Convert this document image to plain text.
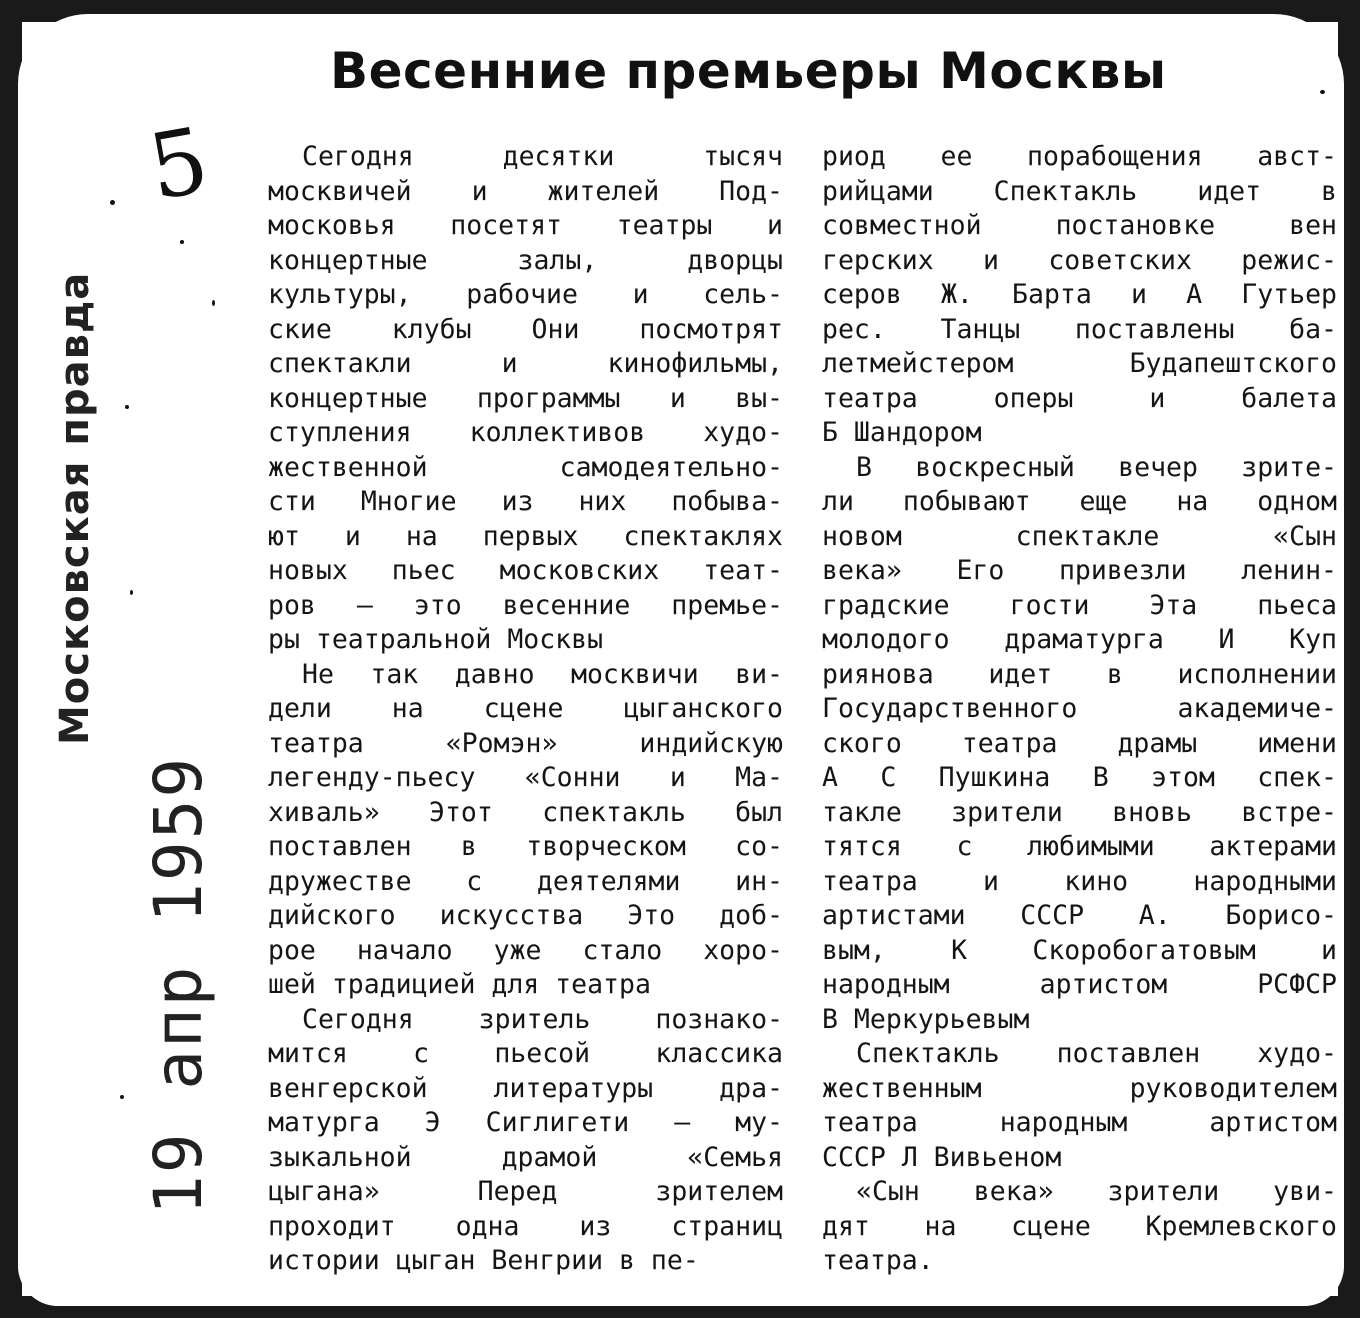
5
Московская правда
19 апр 1959
Весенние премьеры Москвы
Сегодня десятки тысяч
москвичей и жителей Под-
московья посетят театры и
концертные залы, дворцы
культуры, рабочие и сель-
ские клубы Они посмотрят
спектакли и кинофильмы,
концертные программы и вы-
ступления коллективов худо-
жественной самодеятельно-
сти Многие из них побыва-
ют и на первых спектаклях
новых пьес московских теат-
ров — это весенние премье-
ры театральной Москвы
Не так давно москвичи ви-
дели на сцене цыганского
театра «Ромэн» индийскую
легенду-пьесу «Сонни и Ма-
хиваль» Этот спектакль был
поставлен в творческом со-
дружестве с деятелями ин-
дийского искусства Это доб-
рое начало уже стало хоро-
шей традицией для театра
Сегодня зритель познако-
мится с пьесой классика
венгерской литературы дра-
матурга Э Сиглигети — му-
зыкальной драмой «Семья
цыгана» Перед зрителем
проходит одна из страниц
истории цыган Венгрии в пе-
риод ее порабощения авст-
рийцами Спектакль идет в
совместной постановке вен
герских и советских режис-
серов Ж. Барта и А Гутьер
рес. Танцы поставлены ба-
летмейстером Будапештского
театра оперы и балета
Б Шандором
В воскресный вечер зрите-
ли побывают еще на одном
новом спектакле «Сын
века» Его привезли ленин-
градские гости Эта пьеса
молодого драматурга И Куп
риянова идет в исполнении
Государственного академиче-
ского театра драмы имени
А С Пушкина В этом спек-
такле зрители вновь встре-
тятся с любимыми актерами
театра и кино народными
артистами СССР А. Борисо-
вым, К Скоробогатовым и
народным артистом РСФСР
В Меркурьевым
Спектакль поставлен худо-
жественным руководителем
театра народным артистом
СССР Л Вивьеном
«Сын века» зрители уви-
дят на сцене Кремлевского
театра.
